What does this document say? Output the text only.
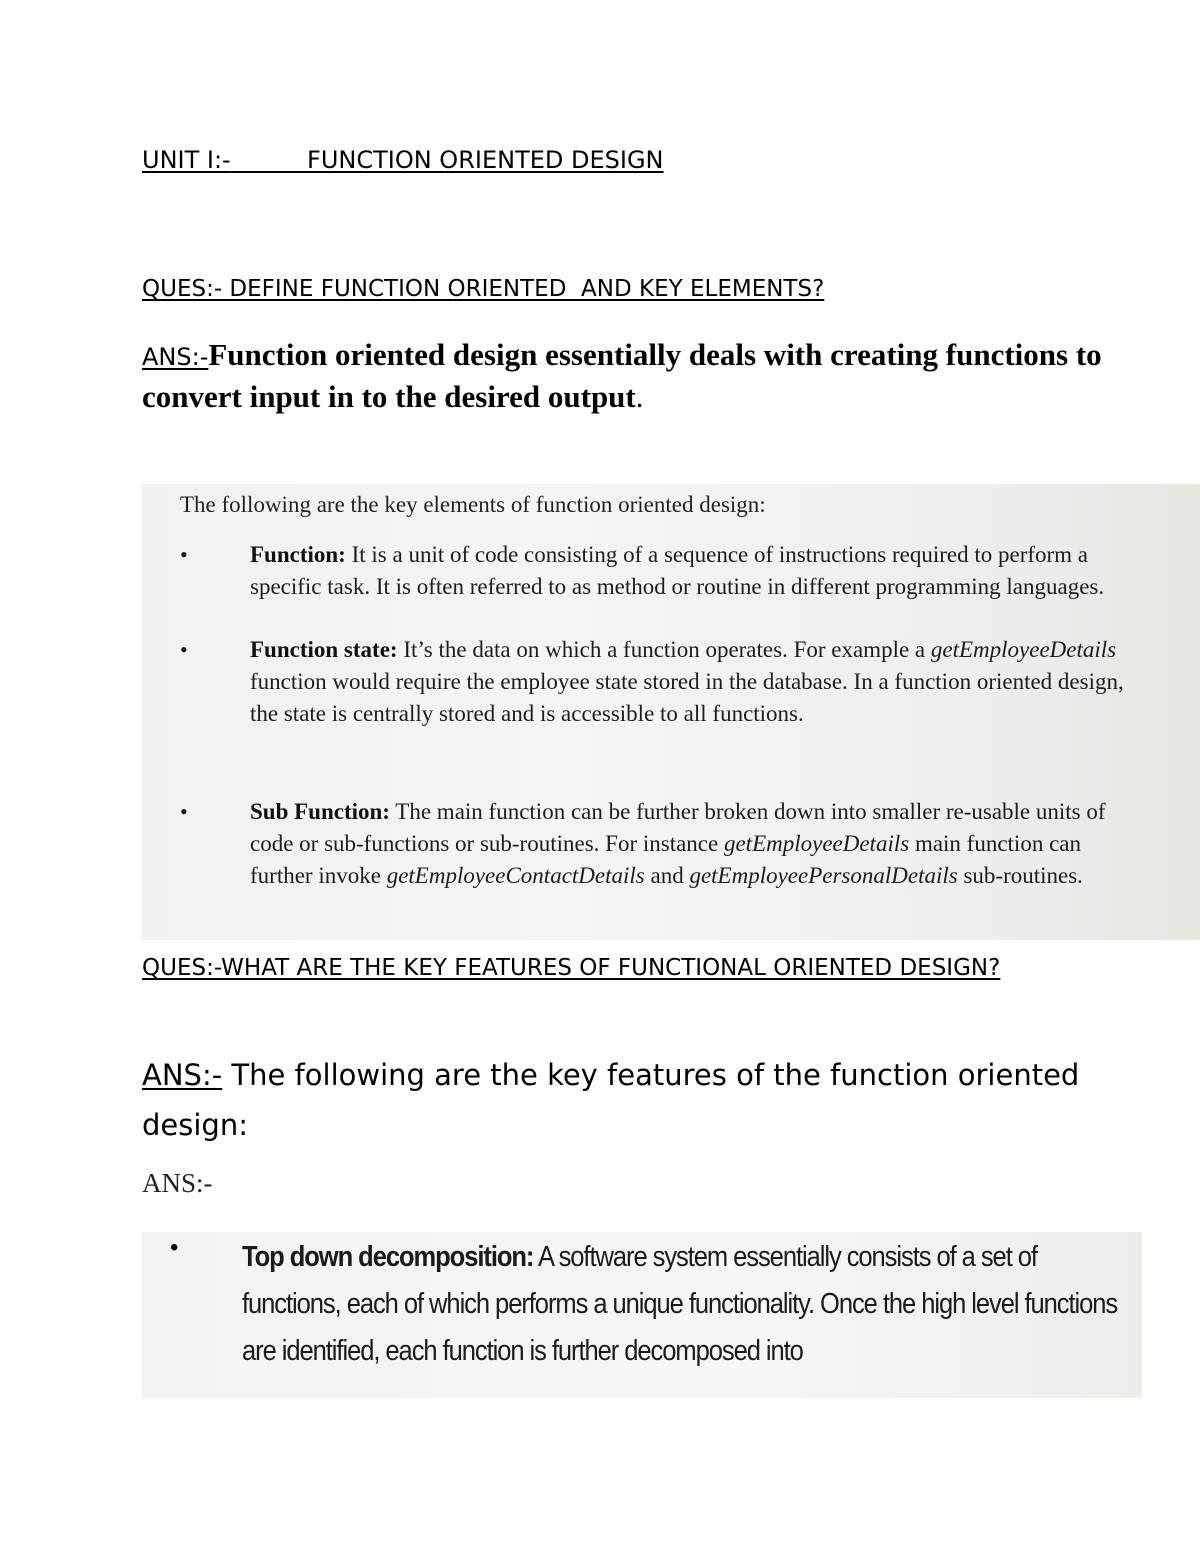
UNIT I:-	FUNCTION ORIENTED DESIGN
QUES:- DEFINE FUNCTION ORIENTED  AND KEY ELEMENTS?
ANS:-Function oriented design essentially deals with creating functions to convert input in to the desired output.
The following are the key elements of function oriented design:
•	Function: It is a unit of code consisting of a sequence of instructions required to perform a specific task. It is often referred to as method or routine in different programming languages.
•	Function state: It’s the data on which a function operates. For example a getEmployeeDetails function would require the employee state stored in the database. In a function oriented design, the state is centrally stored and is accessible to all functions.
•	Sub Function: The main function can be further broken down into smaller re-usable units of code or sub-functions or sub-routines. For instance getEmployeeDetails main function can further invoke getEmployeeContactDetails and getEmployeePersonalDetails sub-routines.
QUES:-WHAT ARE THE KEY FEATURES OF FUNCTIONAL ORIENTED DESIGN?
ANS:- The following are the key features of the function oriented design:
ANS:-
• Top down decomposition: A software system essentially consists of a set of functions, each of which performs a unique functionality. Once the high level functions are identified, each function is further decomposed into
